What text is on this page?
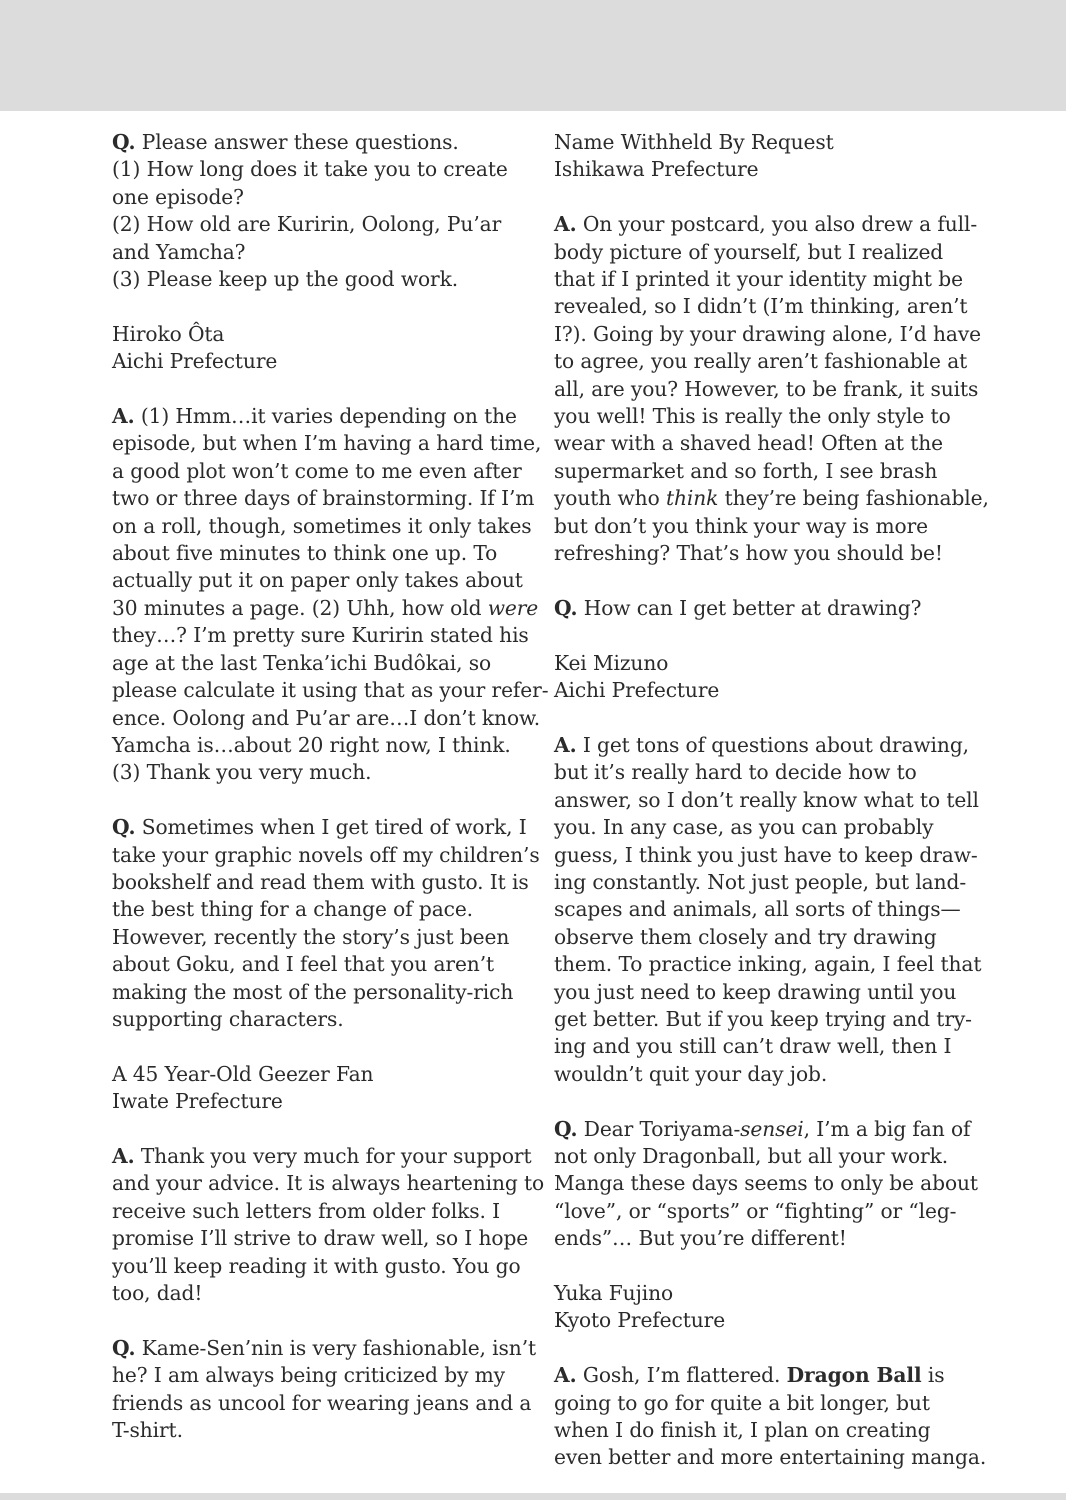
Q. Please answer these questions.
(1) How long does it take you to create
one episode?
(2) How old are Kuririn, Oolong, Pu’ar
and Yamcha?
(3) Please keep up the good work.

Hiroko Ôta
Aichi Prefecture

A. (1) Hmm…it varies depending on the
episode, but when I’m having a hard time,
a good plot won’t come to me even after
two or three days of brainstorming. If I’m
on a roll, though, sometimes it only takes
about five minutes to think one up. To
actually put it on paper only takes about
30 minutes a page. (2) Uhh, how old were
they…? I’m pretty sure Kuririn stated his
age at the last Tenka’ichi Budôkai, so
please calculate it using that as your refer-
ence. Oolong and Pu’ar are…I don’t know.
Yamcha is…about 20 right now, I think.
(3) Thank you very much.

Q. Sometimes when I get tired of work, I
take your graphic novels off my children’s
bookshelf and read them with gusto. It is
the best thing for a change of pace.
However, recently the story’s just been
about Goku, and I feel that you aren’t
making the most of the personality-rich
supporting characters.

A 45 Year-Old Geezer Fan
Iwate Prefecture

A. Thank you very much for your support
and your advice. It is always heartening to
receive such letters from older folks. I
promise I’ll strive to draw well, so I hope
you’ll keep reading it with gusto. You go
too, dad!

Q. Kame-Sen’nin is very fashionable, isn’t
he? I am always being criticized by my
friends as uncool for wearing jeans and a
T-shirt.

Name Withheld By Request
Ishikawa Prefecture

A. On your postcard, you also drew a full-
body picture of yourself, but I realized
that if I printed it your identity might be
revealed, so I didn’t (I’m thinking, aren’t
I?). Going by your drawing alone, I’d have
to agree, you really aren’t fashionable at
all, are you? However, to be frank, it suits
you well! This is really the only style to
wear with a shaved head! Often at the
supermarket and so forth, I see brash
youth who think they’re being fashionable,
but don’t you think your way is more
refreshing? That’s how you should be!

Q. How can I get better at drawing?

Kei Mizuno
Aichi Prefecture

A. I get tons of questions about drawing,
but it’s really hard to decide how to
answer, so I don’t really know what to tell
you. In any case, as you can probably
guess, I think you just have to keep draw-
ing constantly. Not just people, but land-
scapes and animals, all sorts of things—
observe them closely and try drawing
them. To practice inking, again, I feel that
you just need to keep drawing until you
get better. But if you keep trying and try-
ing and you still can’t draw well, then I
wouldn’t quit your day job.

Q. Dear Toriyama-sensei, I’m a big fan of
not only Dragonball, but all your work.
Manga these days seems to only be about
“love”, or “sports” or “fighting” or “leg-
ends”… But you’re different!

Yuka Fujino
Kyoto Prefecture

A. Gosh, I’m flattered. Dragon Ball is
going to go for quite a bit longer, but
when I do finish it, I plan on creating
even better and more entertaining manga.
